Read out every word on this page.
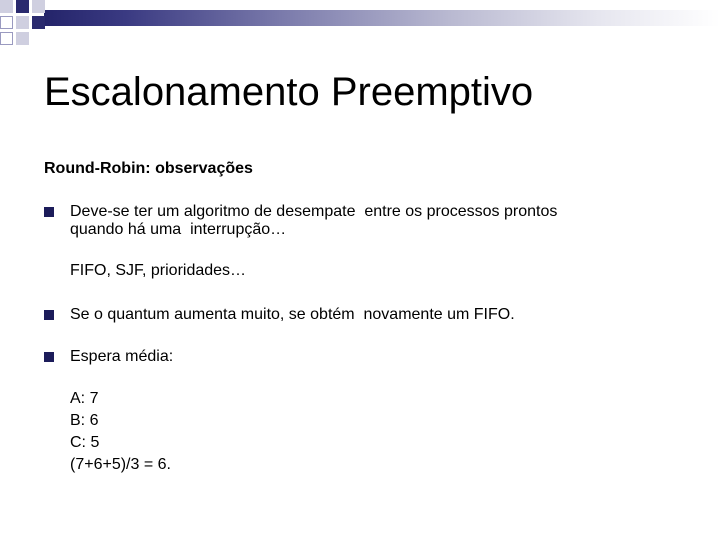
Escalonamento Preemptivo
Round-Robin: observações
Deve-se ter um algoritmo de desempate  entre os processos prontos
quando há uma  interrupção…
FIFO, SJF, prioridades…
Se o quantum aumenta muito, se obtém  novamente um FIFO.
Espera média:
A: 7
B: 6
C: 5
(7+6+5)/3 = 6.
